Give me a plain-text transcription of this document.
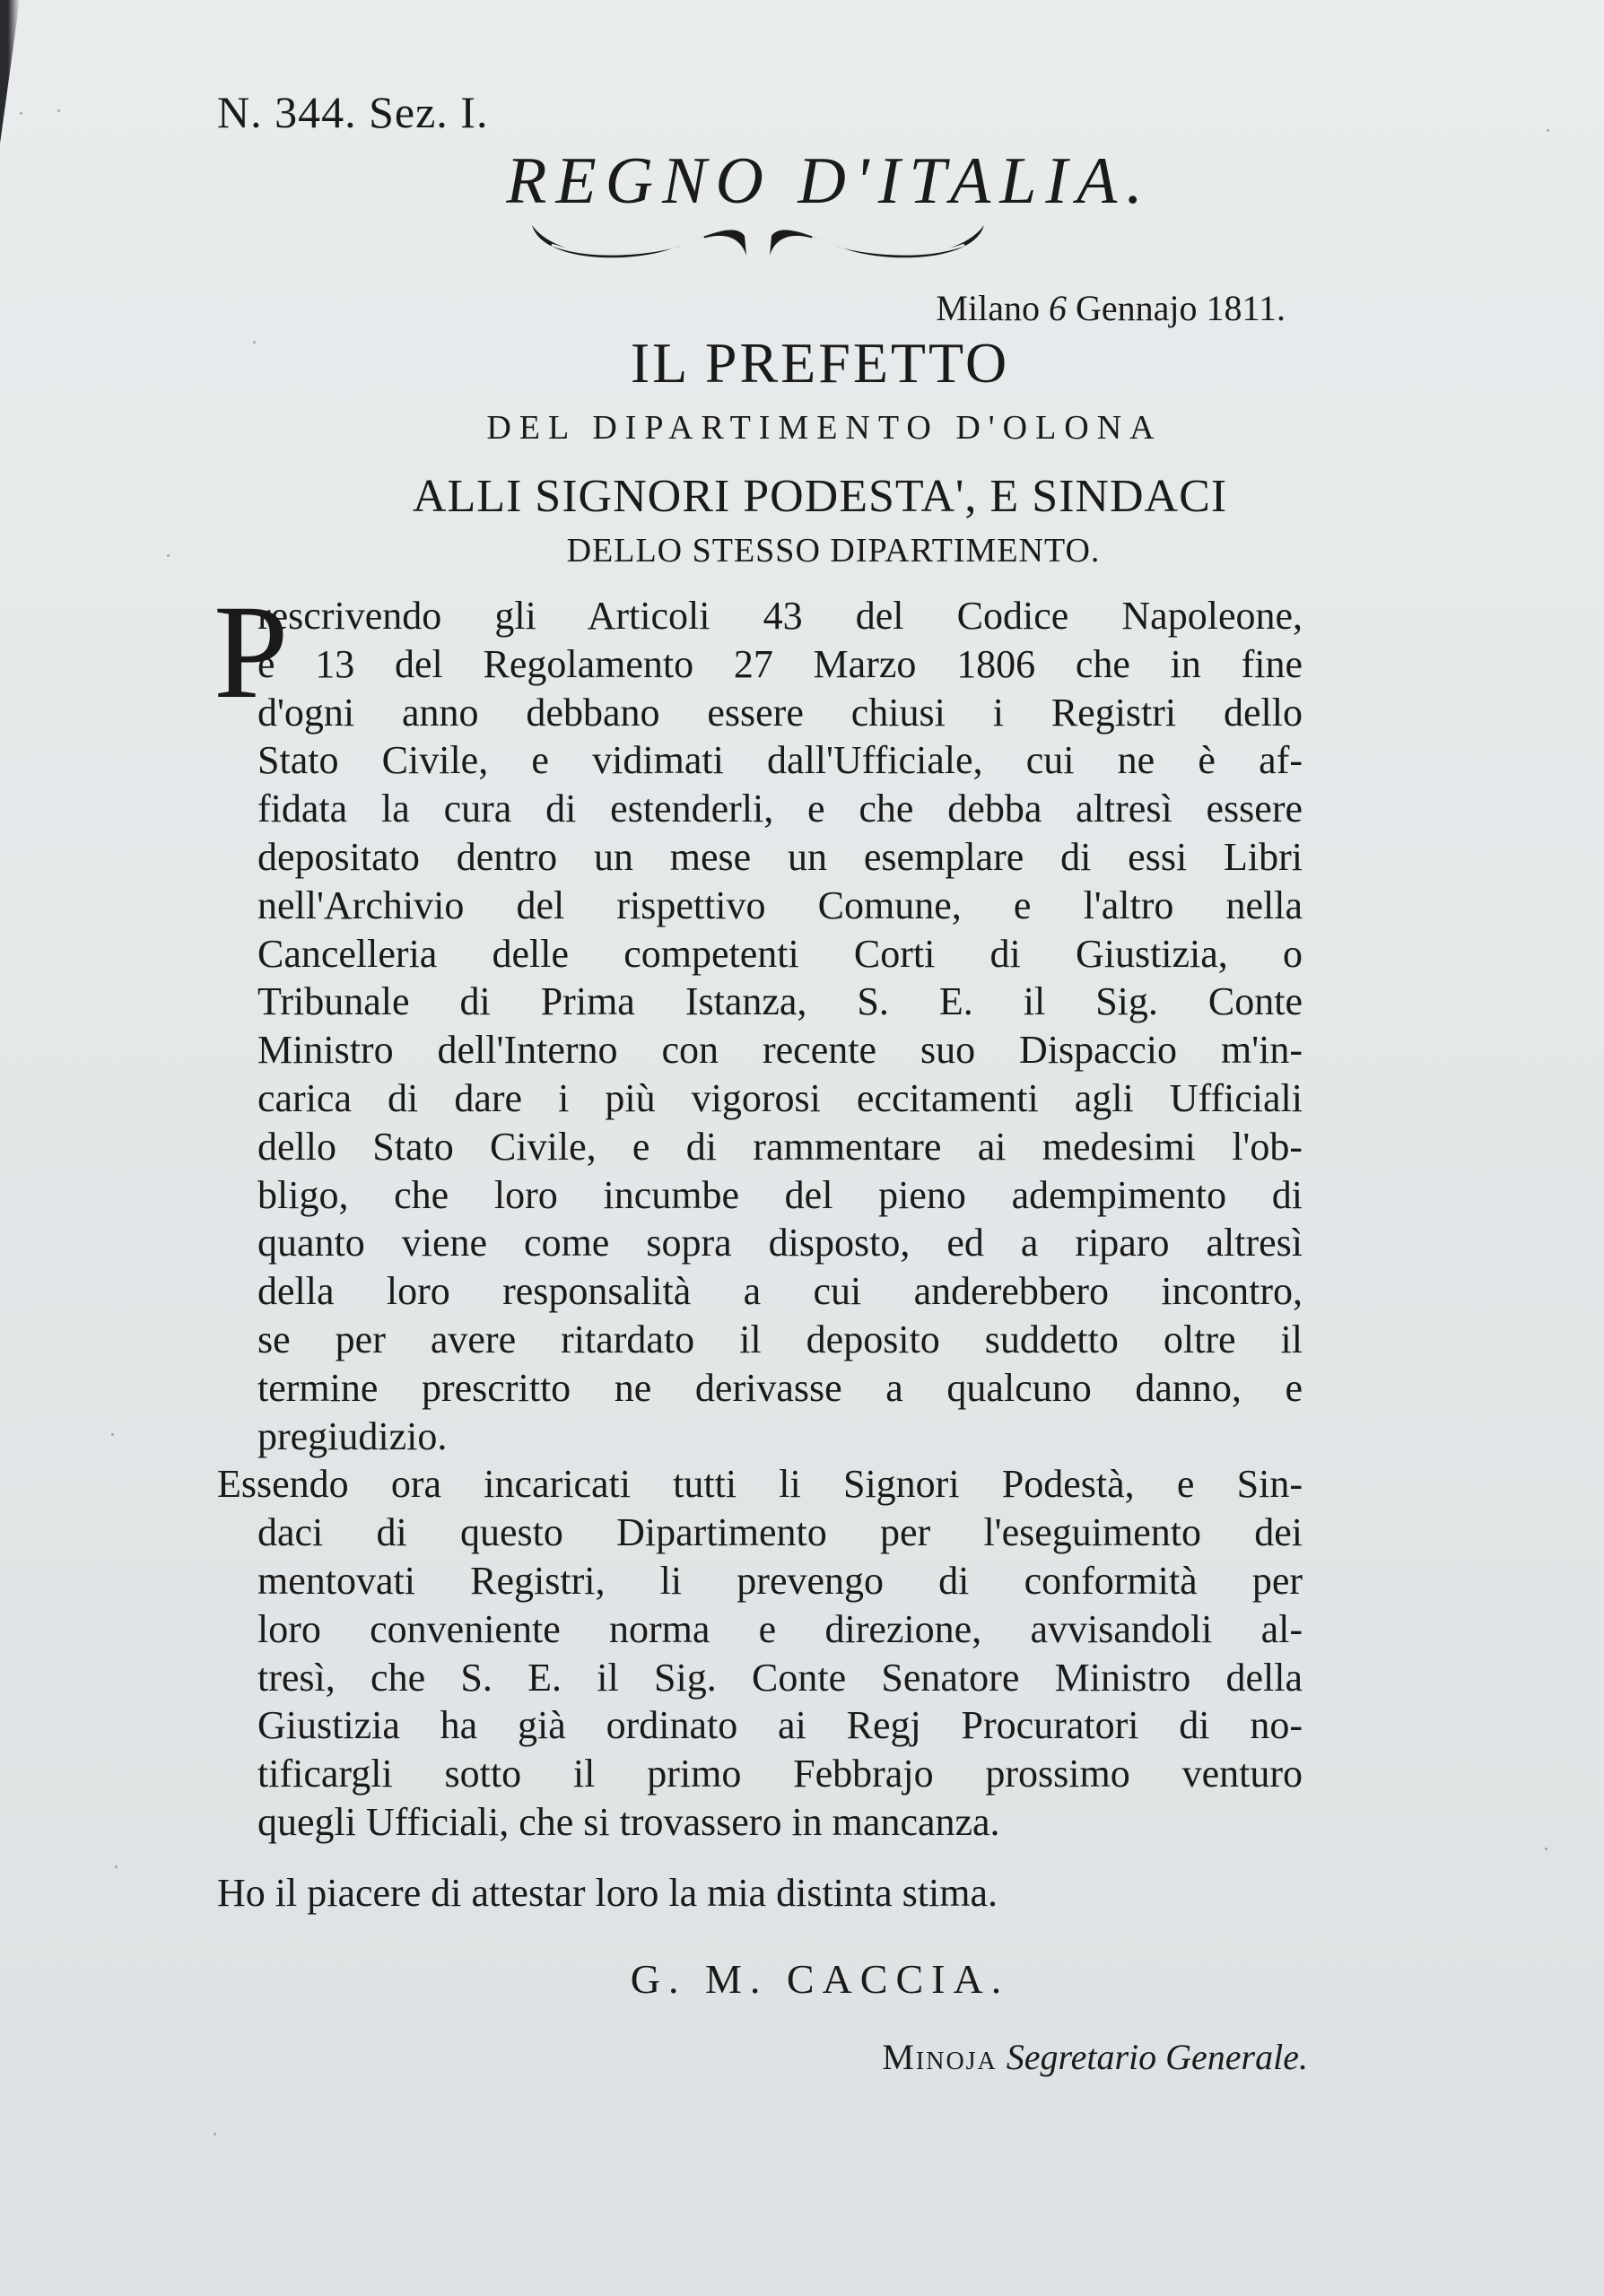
N. 344. Sez. I.
REGNO D'ITALIA.
Milano 6 Gennajo 1811.
IL PREFETTO
DEL DIPARTIMENTO D'OLONA
ALLI SIGNORI PODESTA', E SINDACI
DELLO STESSO DIPARTIMENTO.
P
rescrivendo gli Articoli 43 del Codice Napoleone,
e 13 del Regolamento 27 Marzo 1806 che in fine
d'ogni anno debbano essere chiusi i Registri dello
Stato Civile, e vidimati dall'Ufficiale, cui ne è af-
fidata la cura di estenderli, e che debba altresì essere
depositato dentro un mese un esemplare di essi Libri
nell'Archivio del rispettivo Comune, e l'altro nella
Cancelleria delle competenti Corti di Giustizia, o
Tribunale di Prima Istanza, S. E. il Sig. Conte
Ministro dell'Interno con recente suo Dispaccio m'in-
carica di dare i più vigorosi eccitamenti agli Ufficiali
dello Stato Civile, e di rammentare ai medesimi l'ob-
bligo, che loro incumbe del pieno adempimento di
quanto viene come sopra disposto, ed a riparo altresì
della loro responsalità a cui anderebbero incontro,
se per avere ritardato il deposito suddetto oltre il
termine prescritto ne derivasse a qualcuno danno, e
pregiudizio.
Essendo ora incaricati tutti li Signori Podestà, e Sin-
daci di questo Dipartimento per l'eseguimento dei
mentovati Registri, li prevengo di conformità per
loro conveniente norma e direzione, avvisandoli al-
tresì, che S. E. il Sig. Conte Senatore Ministro della
Giustizia ha già ordinato ai Regj Procuratori di no-
tificargli sotto il primo Febbrajo prossimo venturo
quegli Ufficiali, che si trovassero in mancanza.
Ho il piacere di attestar loro la mia distinta stima.
G. M. CACCIA.
Minoja Segretario Generale.
